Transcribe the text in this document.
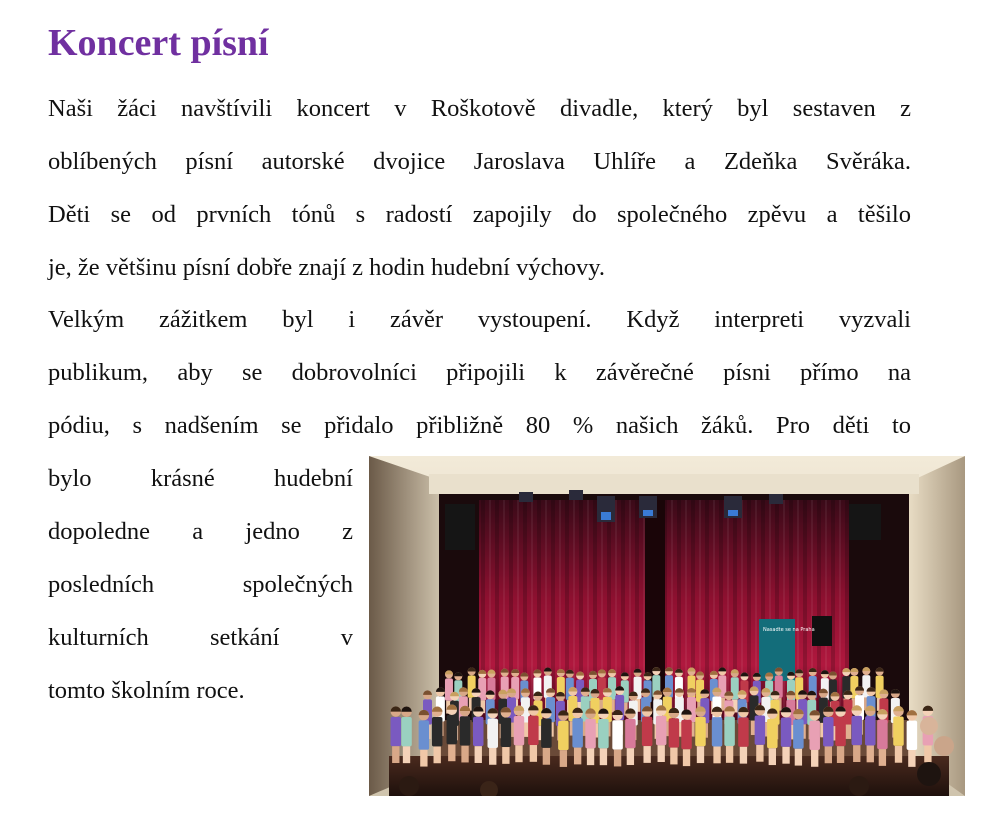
Koncert písní
Naši žáci navštívili koncert v Roškotově divadle, který byl sestaven z
oblíbených písní autorské dvojice Jaroslava Uhlíře a Zdeňka Svěráka.
Děti se od prvních tónů s radostí zapojily do společného zpěvu a těšilo
je, že většinu písní dobře znají z hodin hudební výchovy.
Velkým zážitkem byl i závěr vystoupení. Když interpreti vyzvali
publikum, aby se dobrovolníci připojili k závěrečné písni přímo na
pódiu, s nadšením se přidalo přibližně 80 % našich žáků. Pro děti to
bylo krásné hudební
dopoledne a jedno z
posledních společných
kulturních setkání v
tomto školním roce.
Nasadte se na Praha
